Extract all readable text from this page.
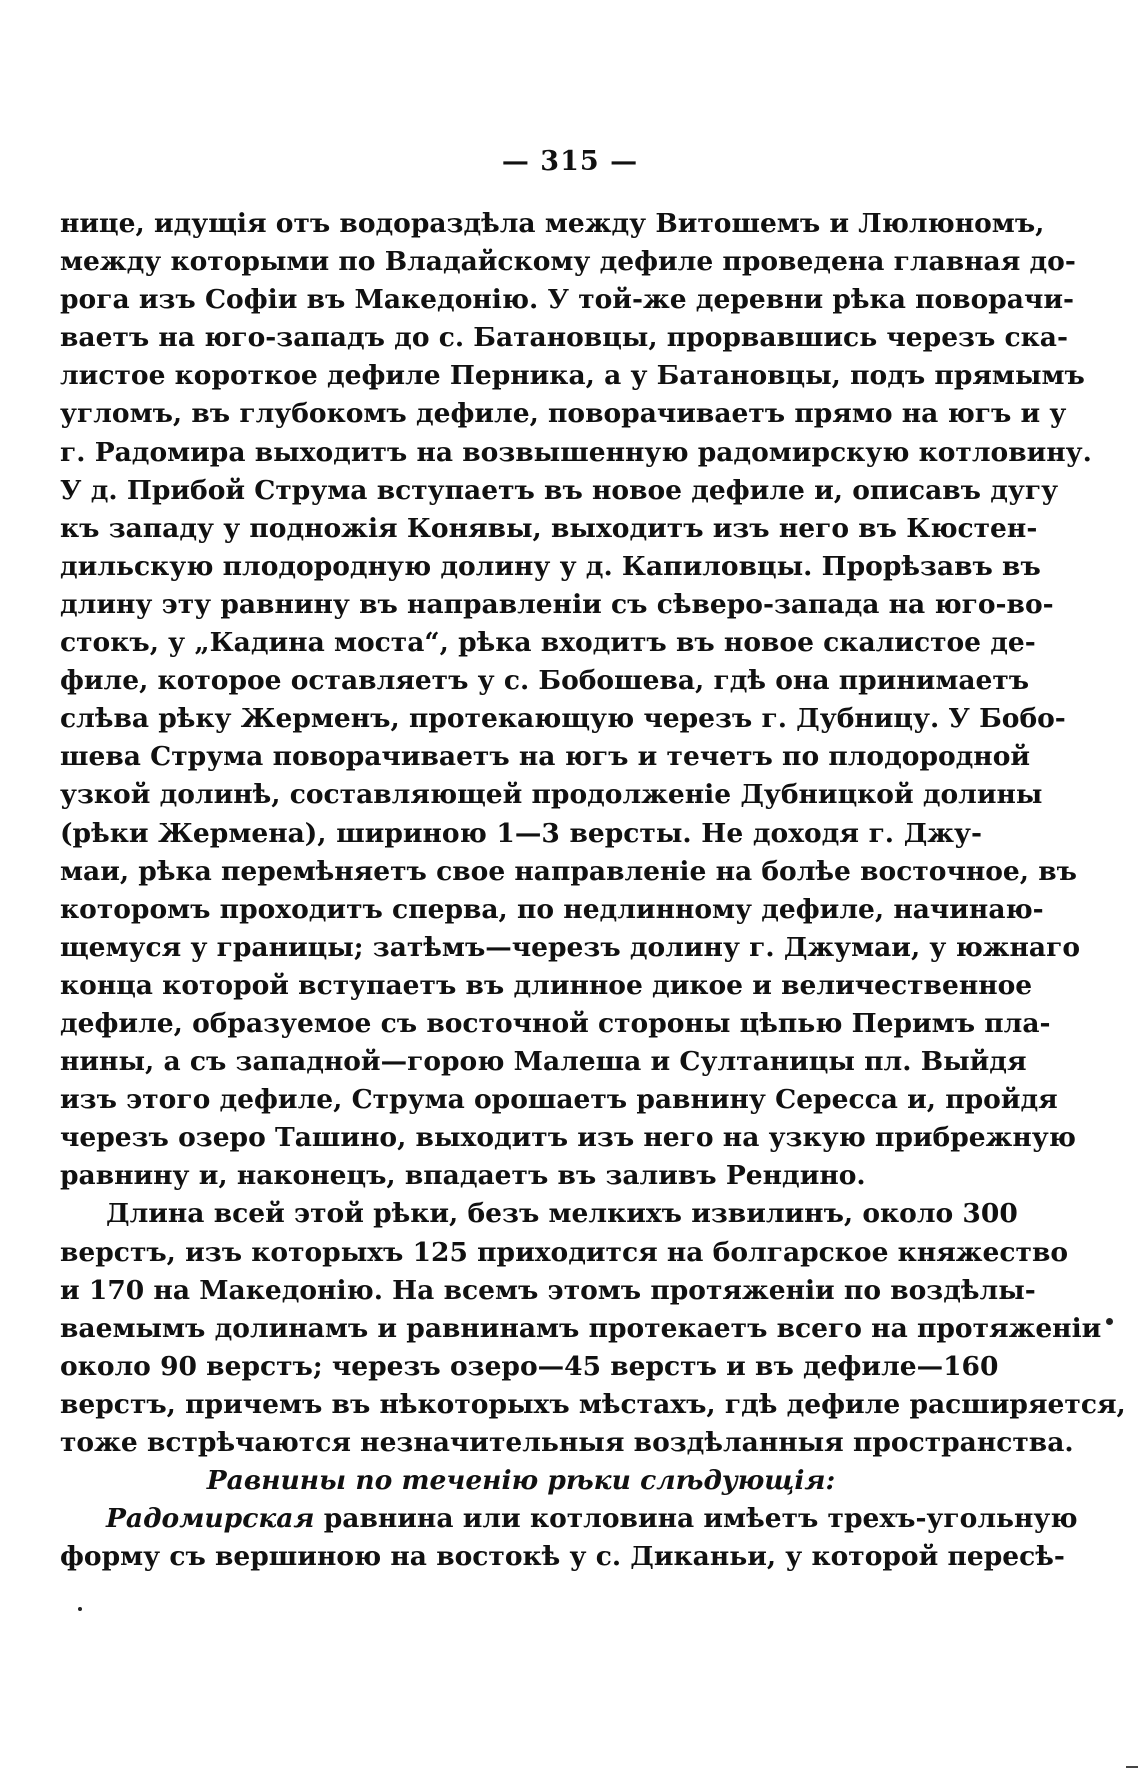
— 315 —
нице, идущія отъ водораздѣла между Витошемъ и Люлюномъ,
между которыми по Владайскому дефиле проведена главная до-
рога изъ Софіи въ Македонію. У той-же деревни рѣка поворачи-
ваетъ на юго-западъ до с. Батановцы, прорвавшись черезъ ска-
листое короткое дефиле Перника, а у Батановцы, подъ прямымъ
угломъ, въ глубокомъ дефиле, поворачиваетъ прямо на югъ и у
г. Радомира выходитъ на возвышенную радомирскую котловину.
У д. Прибой Струма вступаетъ въ новое дефиле и, описавъ дугу
къ западу у подножія Конявы, выходитъ изъ него въ Кюстен-
дильскую плодородную долину у д. Капиловцы. Прорѣзавъ въ
длину эту равнину въ направленіи съ сѣверо-запада на юго-во-
стокъ, у „Кадина моста“, рѣка входитъ въ новое скалистое де-
филе, которое оставляетъ у с. Бобошева, гдѣ она принимаетъ
слѣва рѣку Жерменъ, протекающую черезъ г. Дубницу. У Бобо-
шева Струма поворачиваетъ на югъ и течетъ по плодородной
узкой долинѣ, составляющей продолженіе Дубницкой долины
(рѣки Жермена), шириною 1—3 версты. Не доходя г. Джу-
маи, рѣка перемѣняетъ свое направленіе на болѣе восточное, въ
которомъ проходитъ сперва, по недлинному дефиле, начинаю-
щемуся у границы; затѣмъ—черезъ долину г. Джумаи, у южнаго
конца которой вступаетъ въ длинное дикое и величественное
дефиле, образуемое съ восточной стороны цѣпью Перимъ пла-
нины, а съ западной—горою Малеша и Султаницы пл. Выйдя
изъ этого дефиле, Струма орошаетъ равнину Сересса и, пройдя
черезъ озеро Ташино, выходитъ изъ него на узкую прибрежную
равнину и, наконецъ, впадаетъ въ заливъ Рендино.
Длина всей этой рѣки, безъ мелкихъ извилинъ, около 300
верстъ, изъ которыхъ 125 приходится на болгарское княжество
и 170 на Македонію. На всемъ этомъ протяженіи по воздѣлы-
ваемымъ долинамъ и равнинамъ протекаетъ всего на протяженіи
около 90 верстъ; черезъ озеро—45 верстъ и въ дефиле—160
верстъ, причемъ въ нѣкоторыхъ мѣстахъ, гдѣ дефиле расширяется,
тоже встрѣчаются незначительныя воздѣланныя пространства.
Равнины по теченію рѣки слѣдующія:
Радомирская равнина или котловина имѣетъ трехъ-угольную
форму съ вершиною на востокѣ у с. Диканьи, у которой пересѣ-
